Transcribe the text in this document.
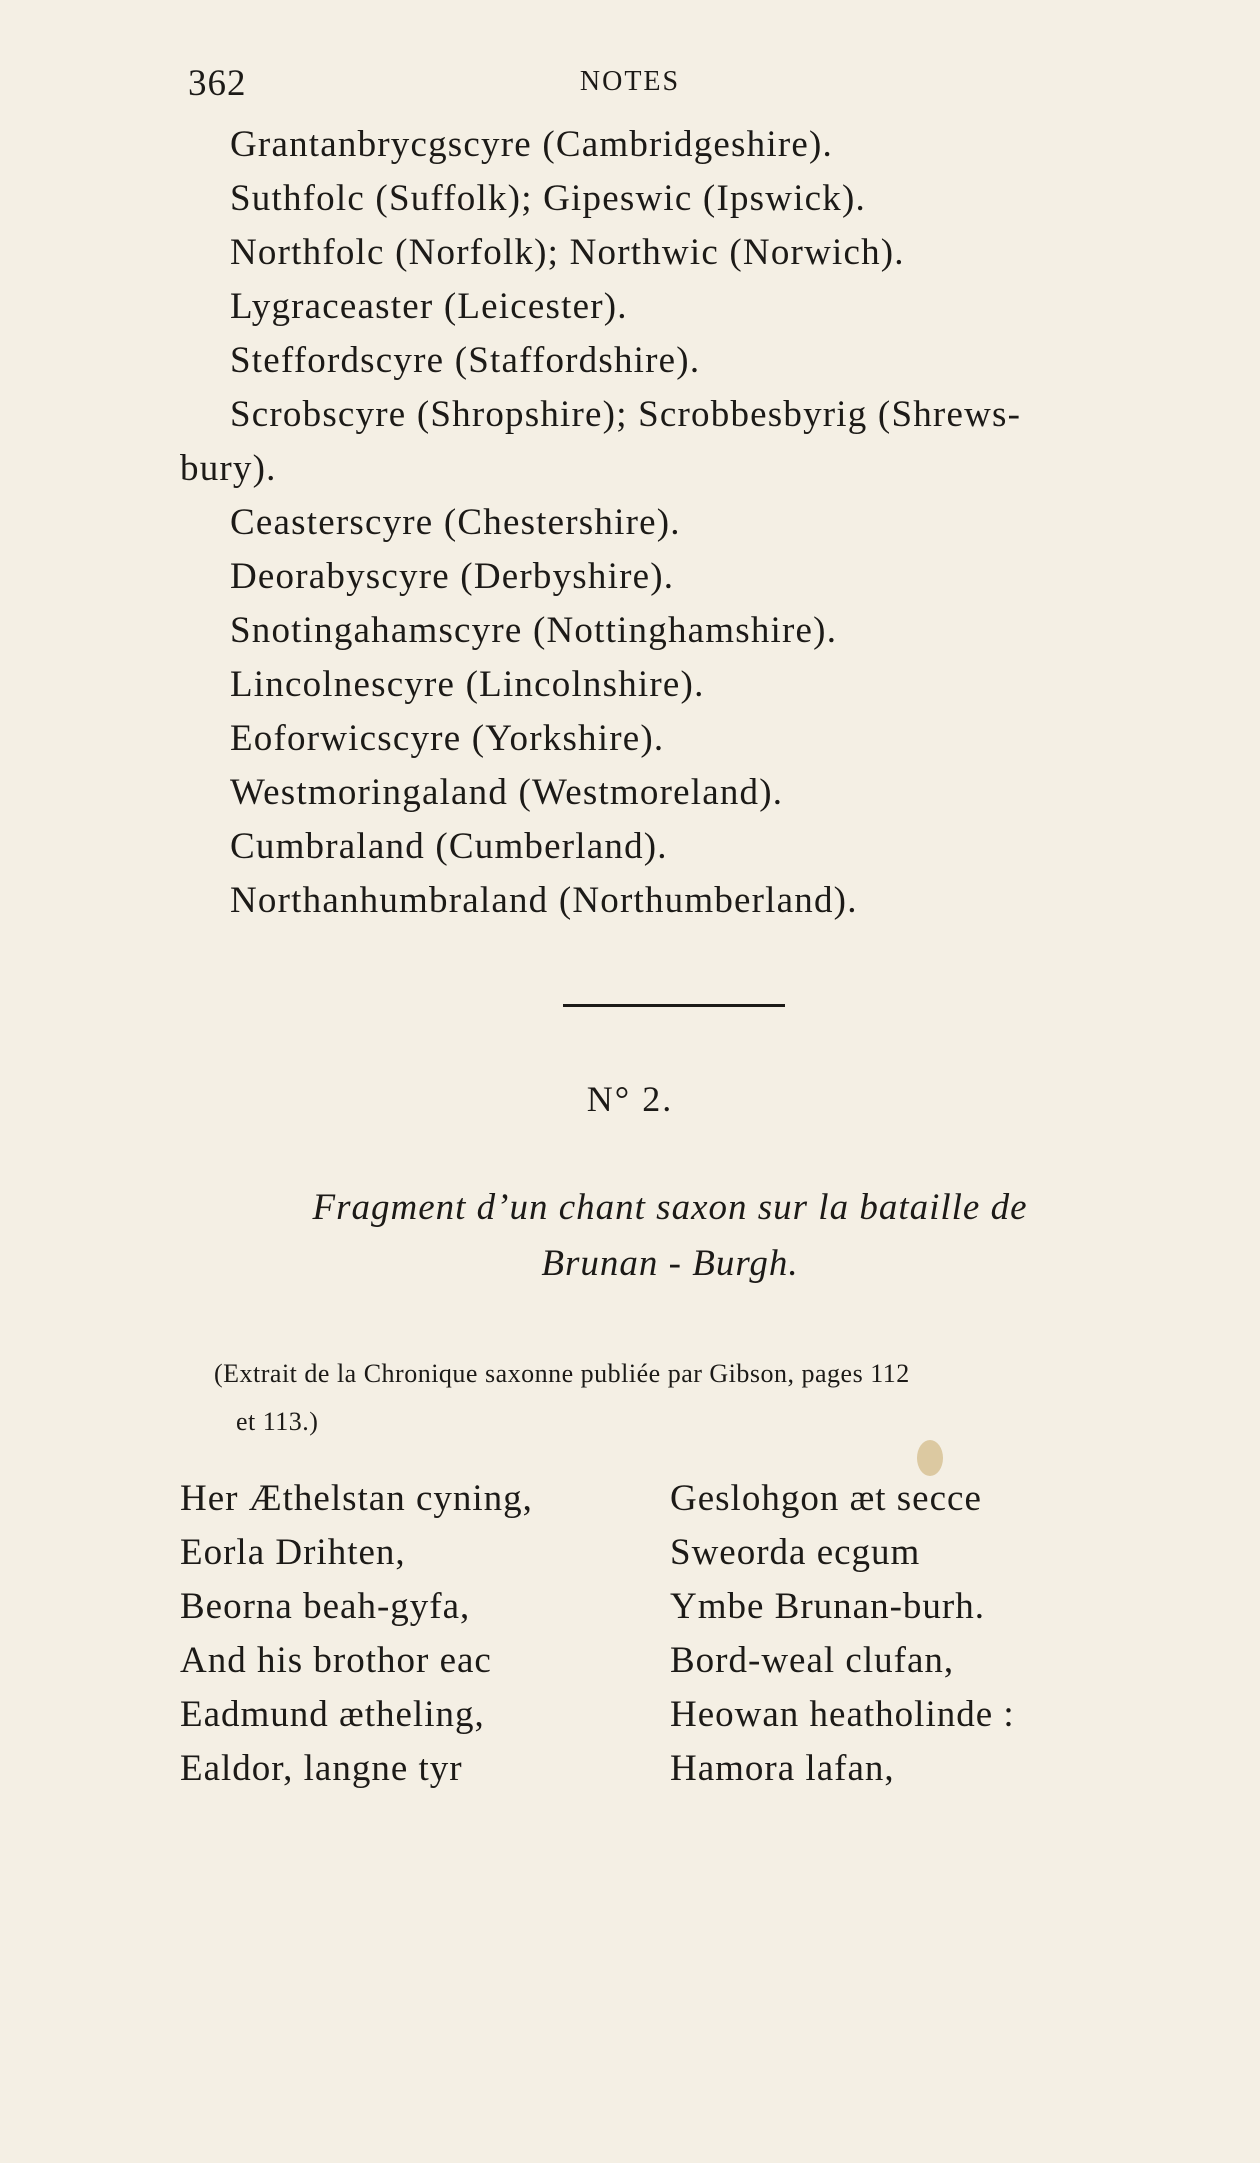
362	NOTES
Grantanbrycgscyre (Cambridgeshire).
Suthfolc (Suffolk); Gipeswic (Ipswick).
Northfolc (Norfolk); Northwic (Norwich).
Lygraceaster (Leicester).
Steffordscyre (Staffordshire).
Scrobscyre (Shropshire); Scrobbesbyrig (Shrews-
bury).
Ceasterscyre (Chestershire).
Deorabyscyre (Derbyshire).
Snotingahamscyre (Nottinghamshire).
Lincolnescyre (Lincolnshire).
Eoforwicscyre (Yorkshire).
Westmoringaland (Westmoreland).
Cumbraland (Cumberland).
Northanhumbraland (Northumberland).
N° 2.
Fragment d’un chant saxon sur la bataille de
Brunan - Burgh.
(Extrait de la Chronique saxonne publiée par Gibson, pages 112
et 113.)
Her Æthelstan cyning,	Geslohgon æt secce
Eorla Drihten,	Sweorda ecgum
Beorna beah-gyfa,	Ymbe Brunan-burh.
And his brothor eac	Bord-weal clufan,
Eadmund ætheling,	Heowan heatholinde :
Ealdor, langne tyr	Hamora lafan,
